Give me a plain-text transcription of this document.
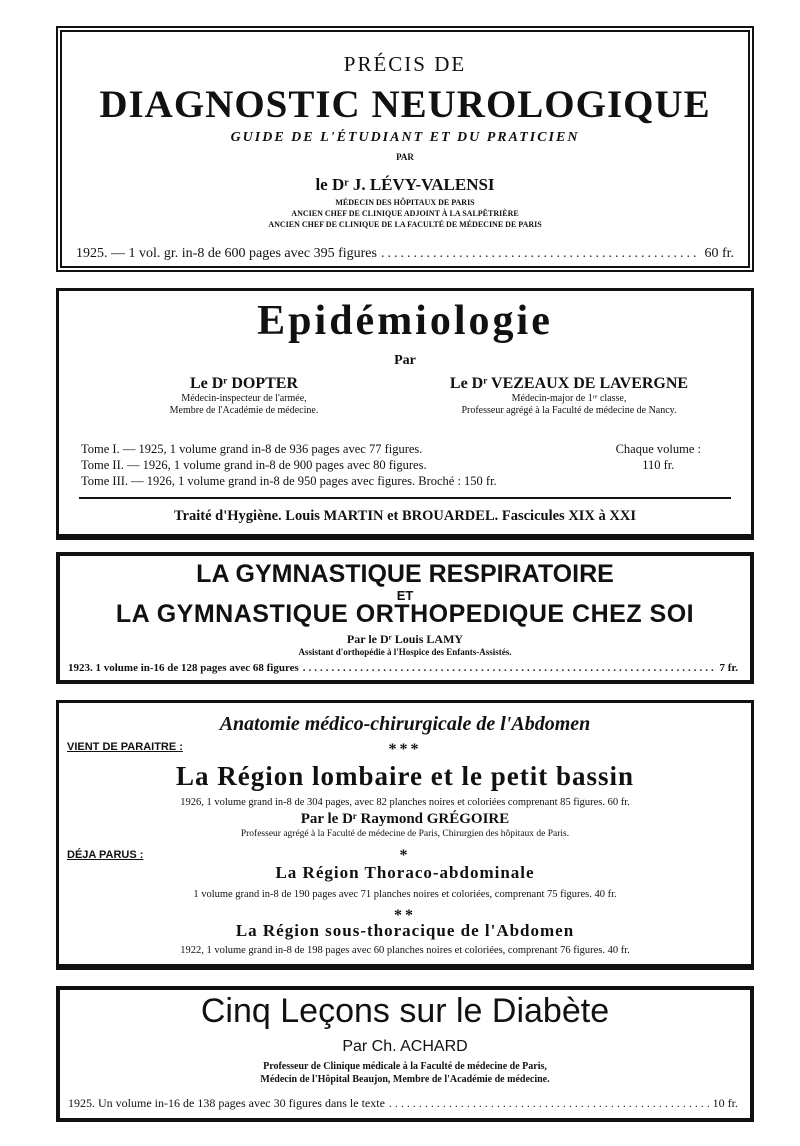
PRÉCIS DE
DIAGNOSTIC NEUROLOGIQUE
GUIDE DE L'ÉTUDIANT ET DU PRATICIEN
PAR
le Dʳ J. LÉVY-VALENSI
MÉDECIN DES HÔPITAUX DE PARIS
ANCIEN CHEF DE CLINIQUE ADJOINT À LA SALPÊTRIÈRE
ANCIEN CHEF DE CLINIQUE DE LA FACULTÉ DE MÉDECINE DE PARIS
1925. — 1 vol. gr. in-8 de 600 pages avec 395 figures .....	60 fr.
Epidémiologie
Par
Le Dʳ DOPTER
Médecin-inspecteur de l'armée,
Membre de l'Académie de médecine.
Le Dʳ VEZEAUX DE LAVERGNE
Médecin-major de 1ʳᵉ classe,
Professeur agrégé à la Faculté de médecine de Nancy.
Tome I. — 1925, 1 volume grand in-8 de 936 pages avec 77 figures.
Tome II. — 1926, 1 volume grand in-8 de 900 pages avec 80 figures.
Tome III. — 1926, 1 volume grand in-8 de 950 pages avec figures. Broché : 150 fr.
Chaque volume :
110 fr.
Traité d'Hygiène. Louis MARTIN et BROUARDEL. Fascicules XIX à XXI
LA GYMNASTIQUE RESPIRATOIRE
ET
LA GYMNASTIQUE ORTHOPEDIQUE CHEZ SOI
Par le Dʳ Louis LAMY
Assistant d'orthopédie à l'Hospice des Enfants-Assistés.
1923. 1 volume in-16 de 128 pages avec 68 figures .....	7 fr.
Anatomie médico-chirurgicale de l'Abdomen
VIENT DE PARAITRE :	***
La Région lombaire et le petit bassin
1926, 1 volume grand in-8 de 304 pages, avec 82 planches noires et coloriées comprenant 85 figures. 60 fr.
Par le Dʳ Raymond GRÉGOIRE
Professeur agrégé à la Faculté de médecine de Paris, Chirurgien des hôpitaux de Paris.
DÉJA PARUS :	*
La Région Thoraco-abdominale
1 volume grand in-8 de 190 pages avec 71 planches noires et coloriées, comprenant 75 figures. 40 fr.
**
La Région sous-thoracique de l'Abdomen
1922, 1 volume grand in-8 de 198 pages avec 60 planches noires et coloriées, comprenant 76 figures. 40 fr.
Cinq Leçons sur le Diabète
Par Ch. ACHARD
Professeur de Clinique médicale à la Faculté de médecine de Paris,
Médecin de l'Hôpital Beaujon, Membre de l'Académie de médecine.
1925. Un volume in-16 de 138 pages avec 30 figures dans le texte .....	10 fr.
